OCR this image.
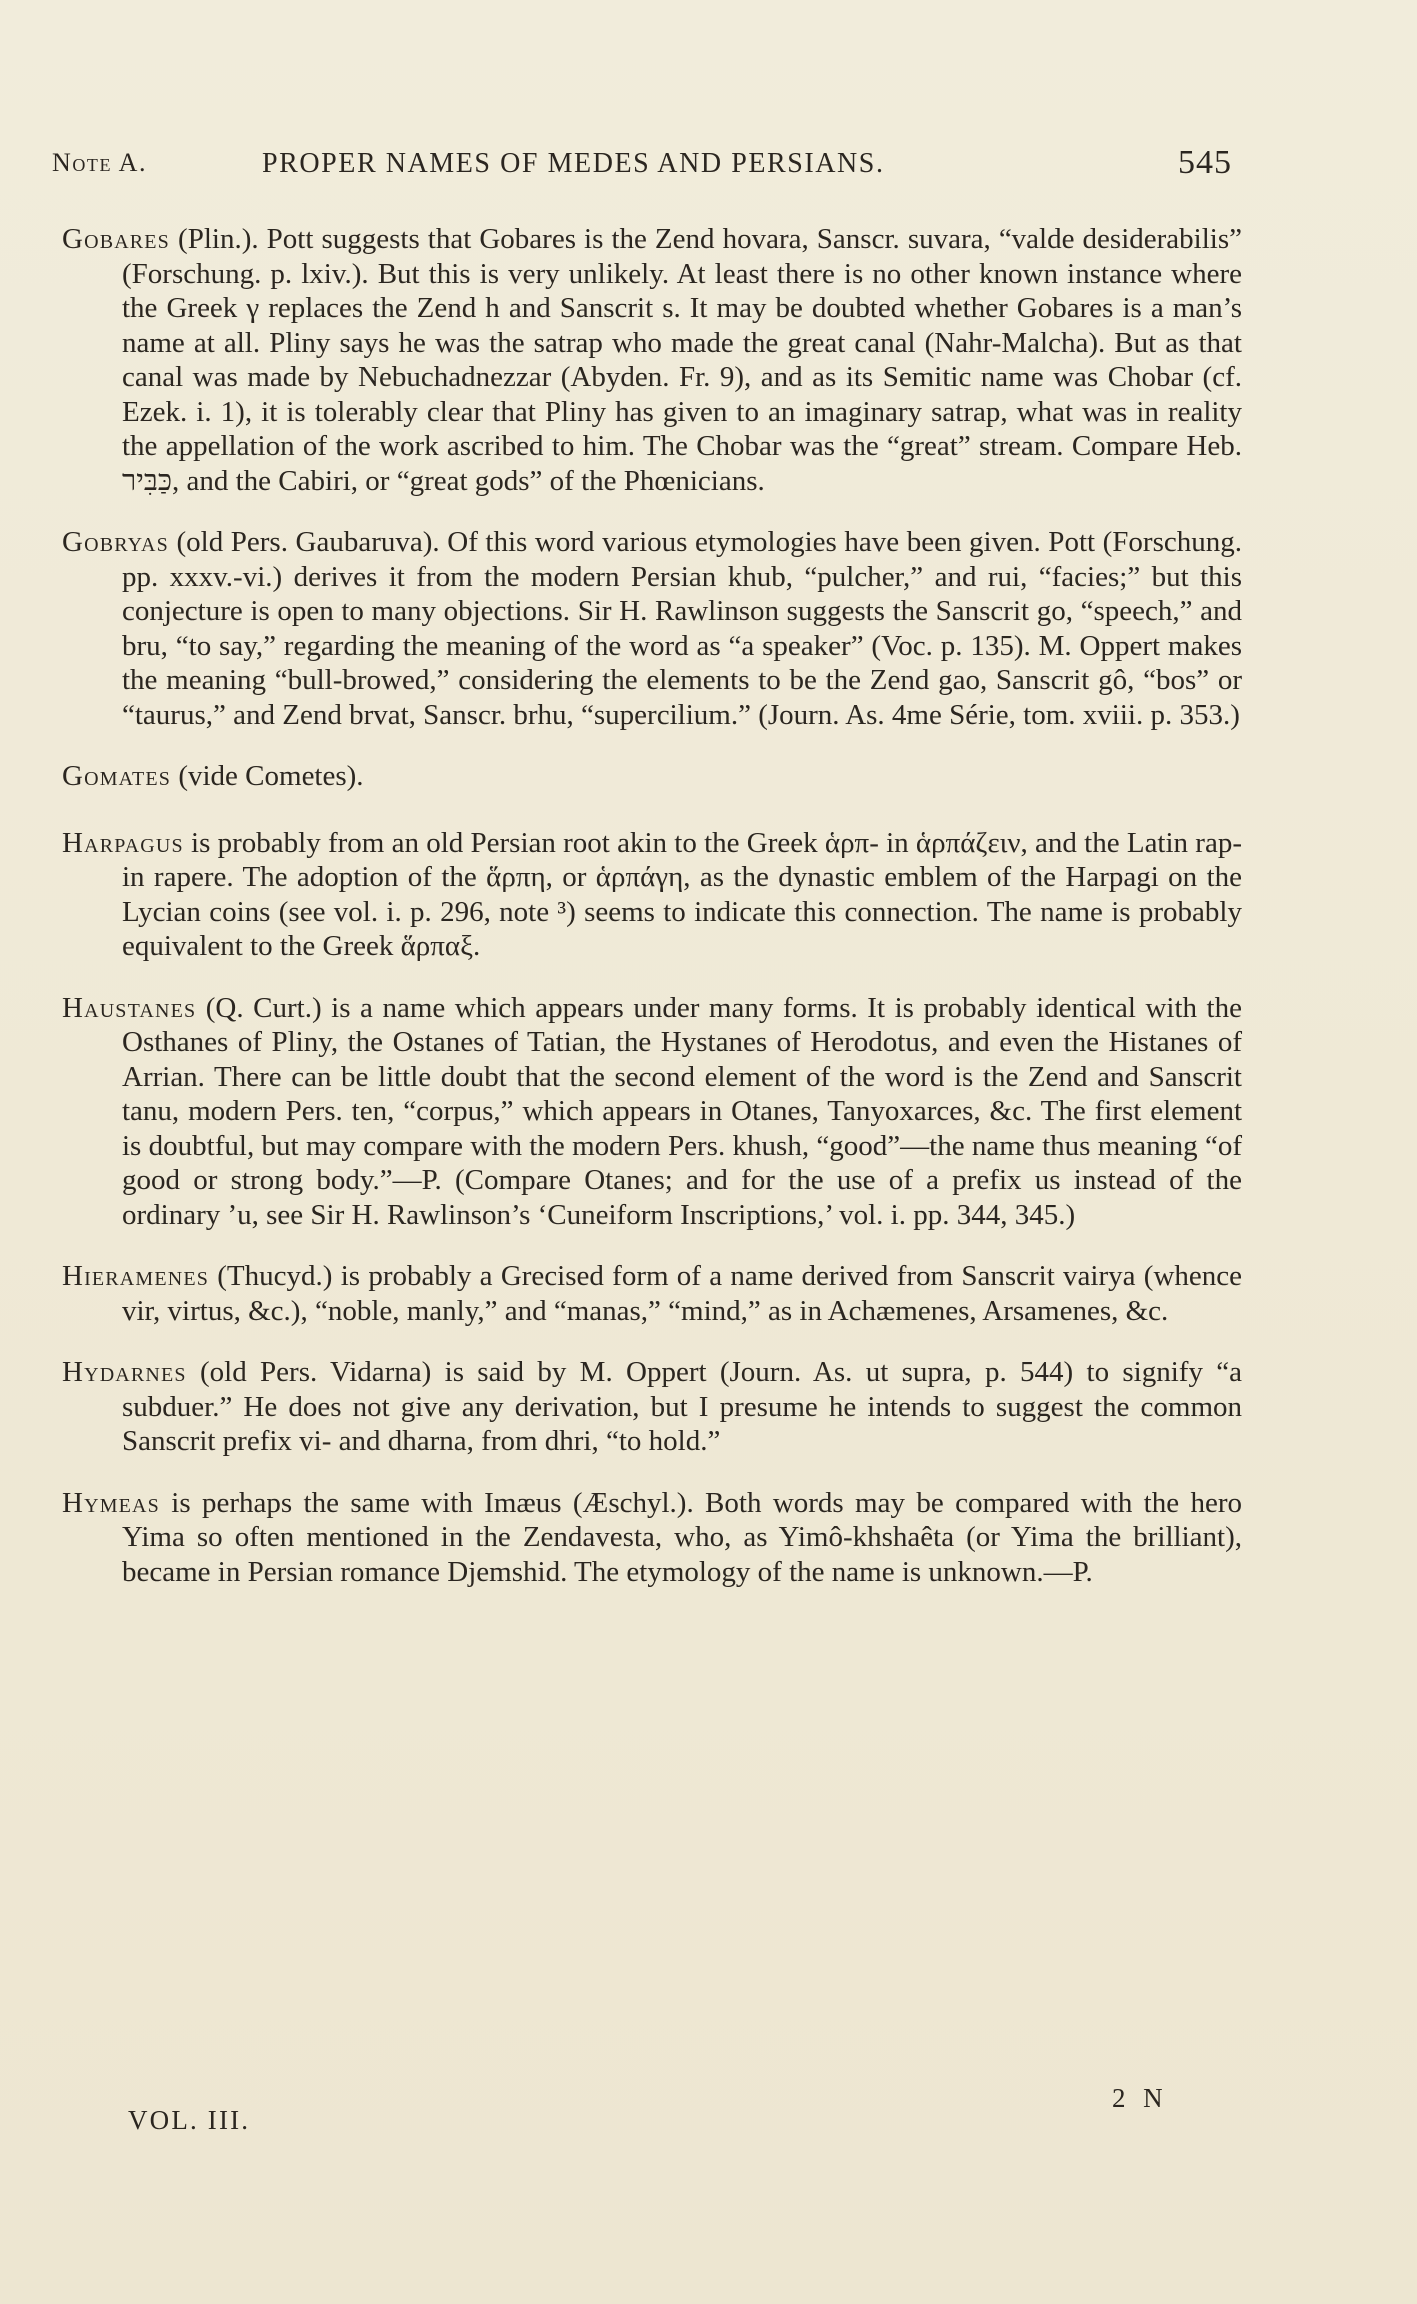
Note A.	PROPER NAMES OF MEDES AND PERSIANS.	545

Gobares (Plin.). Pott suggests that Gobares is the Zend hovara, Sanscr. suvara, “valde desiderabilis” (Forschung. p. lxiv.). But this is very unlikely. At least there is no other known instance where the Greek γ replaces the Zend h and Sanscrit s. It may be doubted whether Gobares is a man’s name at all. Pliny says he was the satrap who made the great canal (Nahr-Malcha). But as that canal was made by Nebuchadnezzar (Abyden. Fr. 9), and as its Semitic name was Chobar (cf. Ezek. i. 1), it is tolerably clear that Pliny has given to an imaginary satrap, what was in reality the appellation of the work ascribed to him. The Chobar was the “great” stream. Compare Heb. כַּבִּיר, and the Cabiri, or “great gods” of the Phœnicians.

Gobryas (old Pers. Gaubaruva). Of this word various etymologies have been given. Pott (Forschung. pp. xxxv.-vi.) derives it from the modern Persian khub, “pulcher,” and rui, “facies;” but this conjecture is open to many objections. Sir H. Rawlinson suggests the Sanscrit go, “speech,” and bru, “to say,” regarding the meaning of the word as “a speaker” (Voc. p. 135). M. Oppert makes the meaning “bull-browed,” considering the elements to be the Zend gao, Sanscrit gô, “bos” or “taurus,” and Zend brvat, Sanscr. brhu, “supercilium.” (Journ. As. 4me Série, tom. xviii. p. 353.)

Gomates (vide Cometes).

Harpagus is probably from an old Persian root akin to the Greek ἁρπ- in ἁρπάζειν, and the Latin rap- in rapere. The adoption of the ἅρπη, or ἁρπάγη, as the dynastic emblem of the Harpagi on the Lycian coins (see vol. i. p. 296, note ³) seems to indicate this connection. The name is probably equivalent to the Greek ἅρπαξ.

Haustanes (Q. Curt.) is a name which appears under many forms. It is probably identical with the Osthanes of Pliny, the Ostanes of Tatian, the Hystanes of Herodotus, and even the Histanes of Arrian. There can be little doubt that the second element of the word is the Zend and Sanscrit tanu, modern Pers. ten, “corpus,” which appears in Otanes, Tanyoxarces, &c. The first element is doubtful, but may compare with the modern Pers. khush, “good”—the name thus meaning “of good or strong body.”—P. (Compare Otanes; and for the use of a prefix us instead of the ordinary ’u, see Sir H. Rawlinson’s ‘Cuneiform Inscriptions,’ vol. i. pp. 344, 345.)

Hieramenes (Thucyd.) is probably a Grecised form of a name derived from Sanscrit vairya (whence vir, virtus, &c.), “noble, manly,” and “manas,” “mind,” as in Achæmenes, Arsamenes, &c.

Hydarnes (old Pers. Vidarna) is said by M. Oppert (Journ. As. ut supra, p. 544) to signify “a subduer.” He does not give any derivation, but I presume he intends to suggest the common Sanscrit prefix vi- and dharna, from dhri, “to hold.”

Hymeas is perhaps the same with Imæus (Æschyl.). Both words may be compared with the hero Yima so often mentioned in the Zendavesta, who, as Yimô-khshaêta (or Yima the brilliant), became in Persian romance Djemshid. The etymology of the name is unknown.—P.

VOL. III.
2 N
